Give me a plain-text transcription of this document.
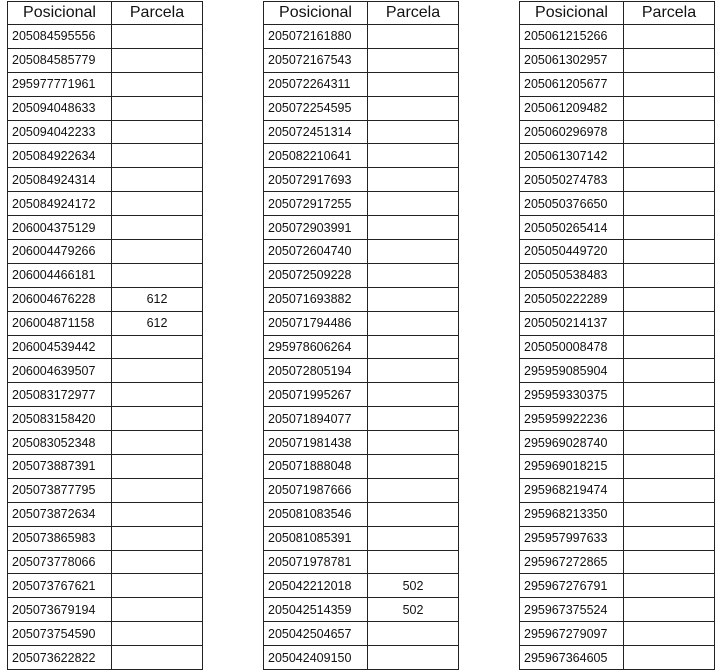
Posicional	Parcela
205084595556	
205084585779	
295977771961	
205094048633	
205094042233	
205084922634	
205084924314	
205084924172	
206004375129	
206004479266	
206004466181	
206004676228	612
206004871158	612
206004539442	
206004639507	
205083172977	
205083158420	
205083052348	
205073887391	
205073877795	
205073872634	
205073865983	
205073778066	
205073767621	
205073679194	
205073754590	
205073622822	
Posicional	Parcela
205072161880	
205072167543	
205072264311	
205072254595	
205072451314	
205082210641	
205072917693	
205072917255	
205072903991	
205072604740	
205072509228	
205071693882	
205071794486	
295978606264	
205072805194	
205071995267	
205071894077	
205071981438	
205071888048	
205071987666	
205081083546	
205081085391	
205071978781	
205042212018	502
205042514359	502
205042504657	
205042409150	
Posicional	Parcela
205061215266	
205061302957	
205061205677	
205061209482	
205060296978	
205061307142	
205050274783	
205050376650	
205050265414	
205050449720	
205050538483	
205050222289	
205050214137	
205050008478	
295959085904	
295959330375	
295959922236	
295969028740	
295969018215	
295968219474	
295968213350	
295957997633	
295967272865	
295967276791	
295967375524	
295967279097	
295967364605	
